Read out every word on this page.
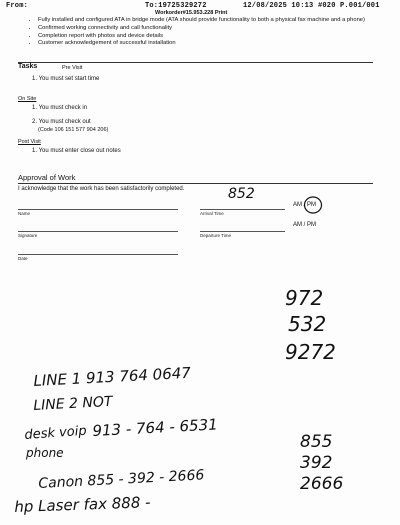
From:	To:19725329272	12/08/2025 10:13 #020 P.001/001
Workorder#15.953.228 Print
• Fully installed and configured ATA in bridge mode (ATA should provide functionality to both a physical fax machine and a phone)
• Confirmed working connectivity and call functionality
• Completion report with photos and device details
• Customer acknowledgement of successful installation
Tasks	Pre Visit
1. You must set start time
On Site
1. You must check in
2. You must check out
(Code 106 151 577 904 206)
Post Visit
1. You must enter close out notes
Approval of Work
I acknowledge that the work has been satisfactorily completed.
Name	Arrival Time
AM / PM
852
Signature	Departure Time
AM / PM
Date
972
532
9272
LINE 1 913 764 0647
LINE 2 NOT
desk voip 913 - 764 - 6531
phone
855
392
2666
Canon 855 - 392 - 2666
hp Laser fax 888 -
